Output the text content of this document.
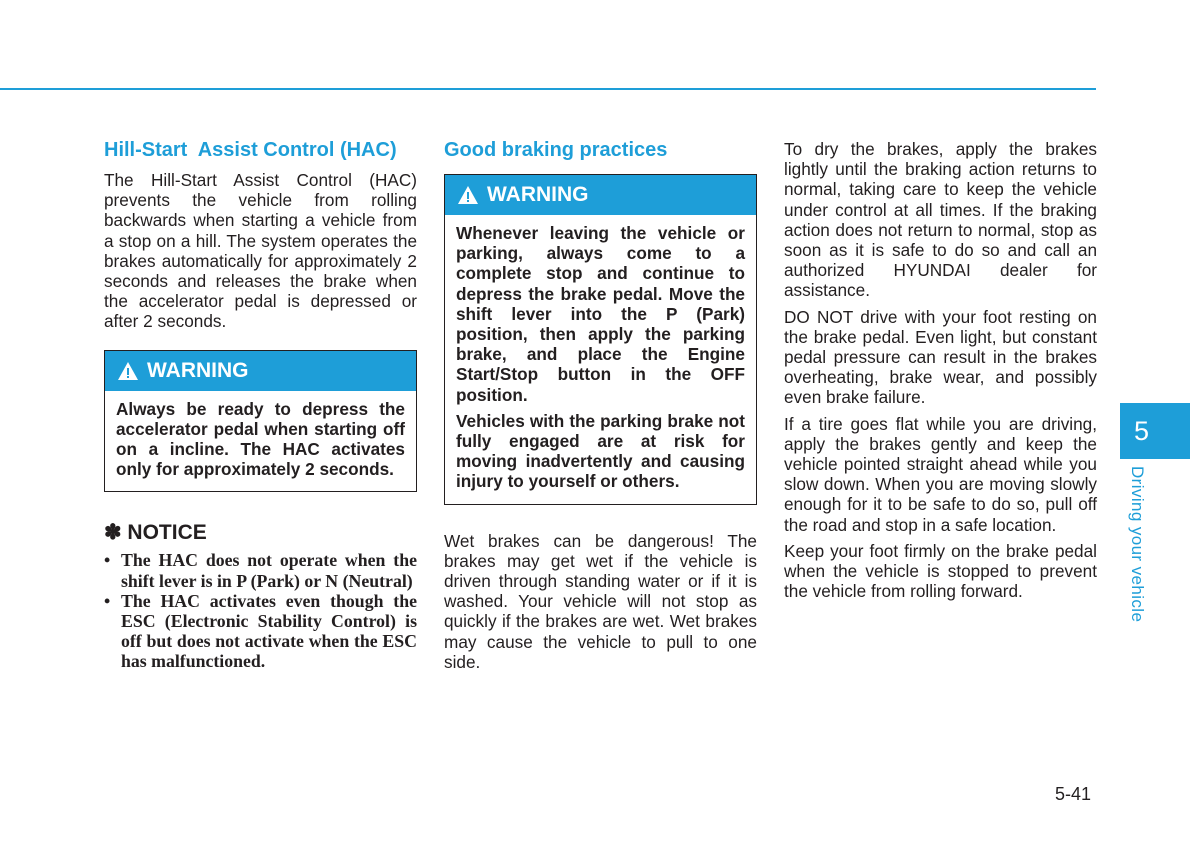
Hill-Start  Assist Control (HAC)

The Hill-Start Assist Control (HAC) prevents the vehicle from rolling backwards when starting a vehicle from a stop on a hill. The system operates the brakes automatically for approximately 2 seconds and releases the brake when the accelerator pedal is depressed or after 2 seconds.

WARNING

Always be ready to depress the accelerator pedal when starting off on a incline. The HAC activates only for approximately 2 seconds.

✽ NOTICE
• The HAC does not operate when the shift lever is in P (Park) or N (Neutral)
• The HAC activates even though the ESC (Electronic Stability Control) is off but does not activate when the ESC has malfunctioned.
Good braking practices
WARNING

Whenever leaving the vehicle or parking, always come to a complete stop and continue to depress the brake pedal. Move the shift lever into the P (Park) position, then apply the parking brake, and place the Engine Start/Stop button in the OFF position.

Vehicles with the parking brake not fully engaged are at risk for moving inadvertently and causing injury to yourself or others.

Wet brakes can be dangerous! The brakes may get wet if the vehicle is driven through standing water or if it is washed. Your vehicle will not stop as quickly if the brakes are wet. Wet brakes may cause the vehicle to pull to one side.

To dry the brakes, apply the brakes lightly until the braking action returns to normal, taking care to keep the vehicle under control at all times. If the braking action does not return to normal, stop as soon as it is safe to do so and call an authorized HYUNDAI dealer for assistance.

DO NOT drive with your foot resting on the brake pedal. Even light, but constant pedal pressure can result in the brakes overheating, brake wear, and possibly even brake failure.

If a tire goes flat while you are driving, apply the brakes gently and keep the vehicle pointed straight ahead while you slow down. When you are moving slowly enough for it to be safe to do so, pull off the road and stop in a safe location.

Keep your foot firmly on the brake pedal when the vehicle is stopped to prevent the vehicle from rolling forward.

5
Driving your vehicle
5-41
